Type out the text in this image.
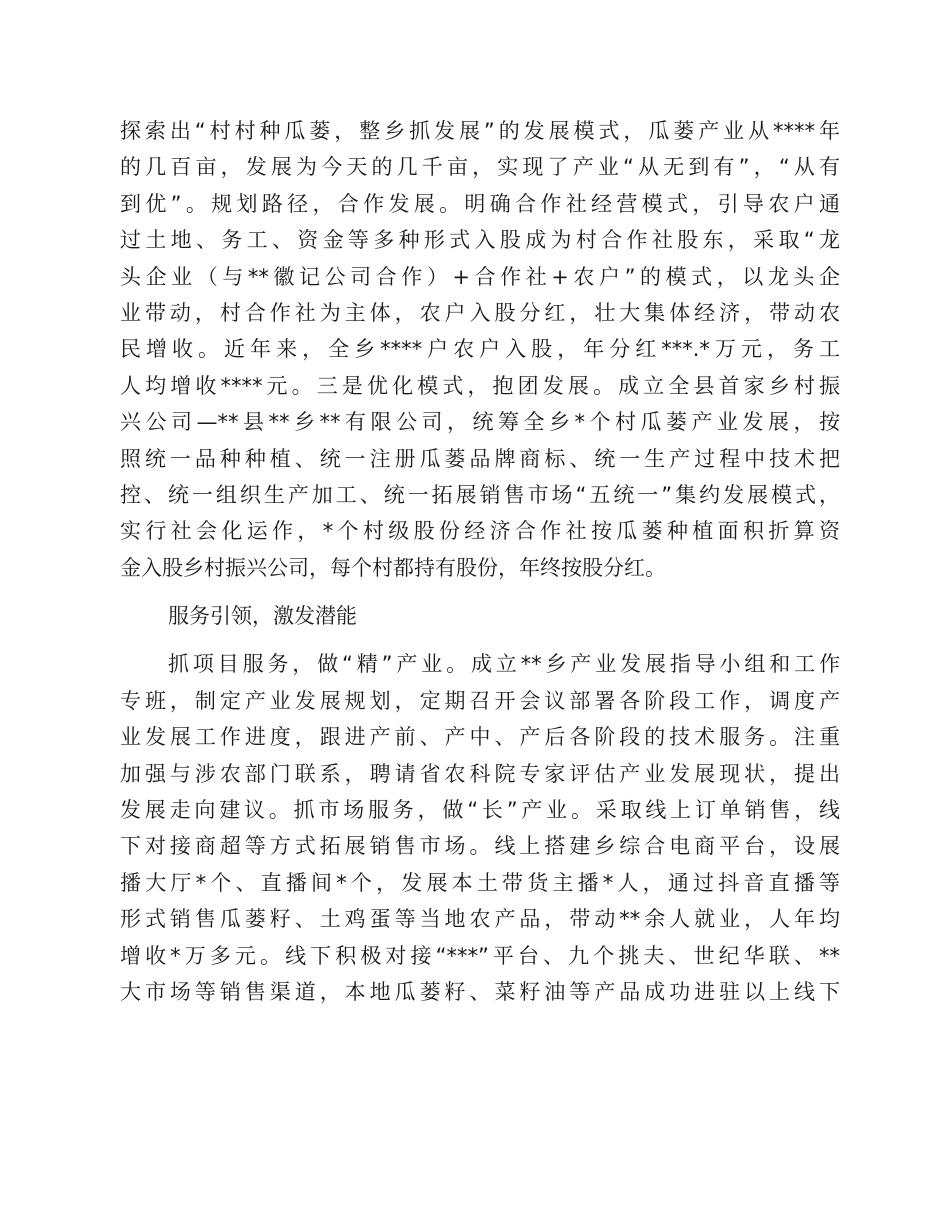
探索出“村村种瓜蒌，整乡抓发展”的发展模式，瓜蒌产业从****年
的几百亩，发展为今天的几千亩，实现了产业“从无到有”，“从有
到优”。规划路径，合作发展。明确合作社经营模式，引导农户通
过土地、务工、资金等多种形式入股成为村合作社股东，采取“龙
头企业（与**徽记公司合作）+合作社+农户”的模式，以龙头企
业带动，村合作社为主体，农户入股分红，壮大集体经济，带动农
民增收。近年来，全乡****户农户入股，年分红***.*万元，务工
人均增收****元。三是优化模式，抱团发展。成立全县首家乡村振
兴公司—**县**乡**有限公司，统筹全乡*个村瓜蒌产业发展，按
照统一品种种植、统一注册瓜蒌品牌商标、统一生产过程中技术把
控、统一组织生产加工、统一拓展销售市场“五统一”集约发展模式，
实行社会化运作，*个村级股份经济合作社按瓜蒌种植面积折算资
金入股乡村振兴公司，每个村都持有股份，年终按股分红。
服务引领，激发潜能
抓项目服务，做“精”产业。成立**乡产业发展指导小组和工作
专班，制定产业发展规划，定期召开会议部署各阶段工作，调度产
业发展工作进度，跟进产前、产中、产后各阶段的技术服务。注重
加强与涉农部门联系，聘请省农科院专家评估产业发展现状，提出
发展走向建议。抓市场服务，做“长”产业。采取线上订单销售，线
下对接商超等方式拓展销售市场。线上搭建乡综合电商平台，设展
播大厅*个、直播间*个，发展本土带货主播*人，通过抖音直播等
形式销售瓜蒌籽、土鸡蛋等当地农产品，带动**余人就业，人年均
增收*万多元。线下积极对接“***”平台、九个挑夫、世纪华联、**
大市场等销售渠道，本地瓜蒌籽、菜籽油等产品成功进驻以上线下
